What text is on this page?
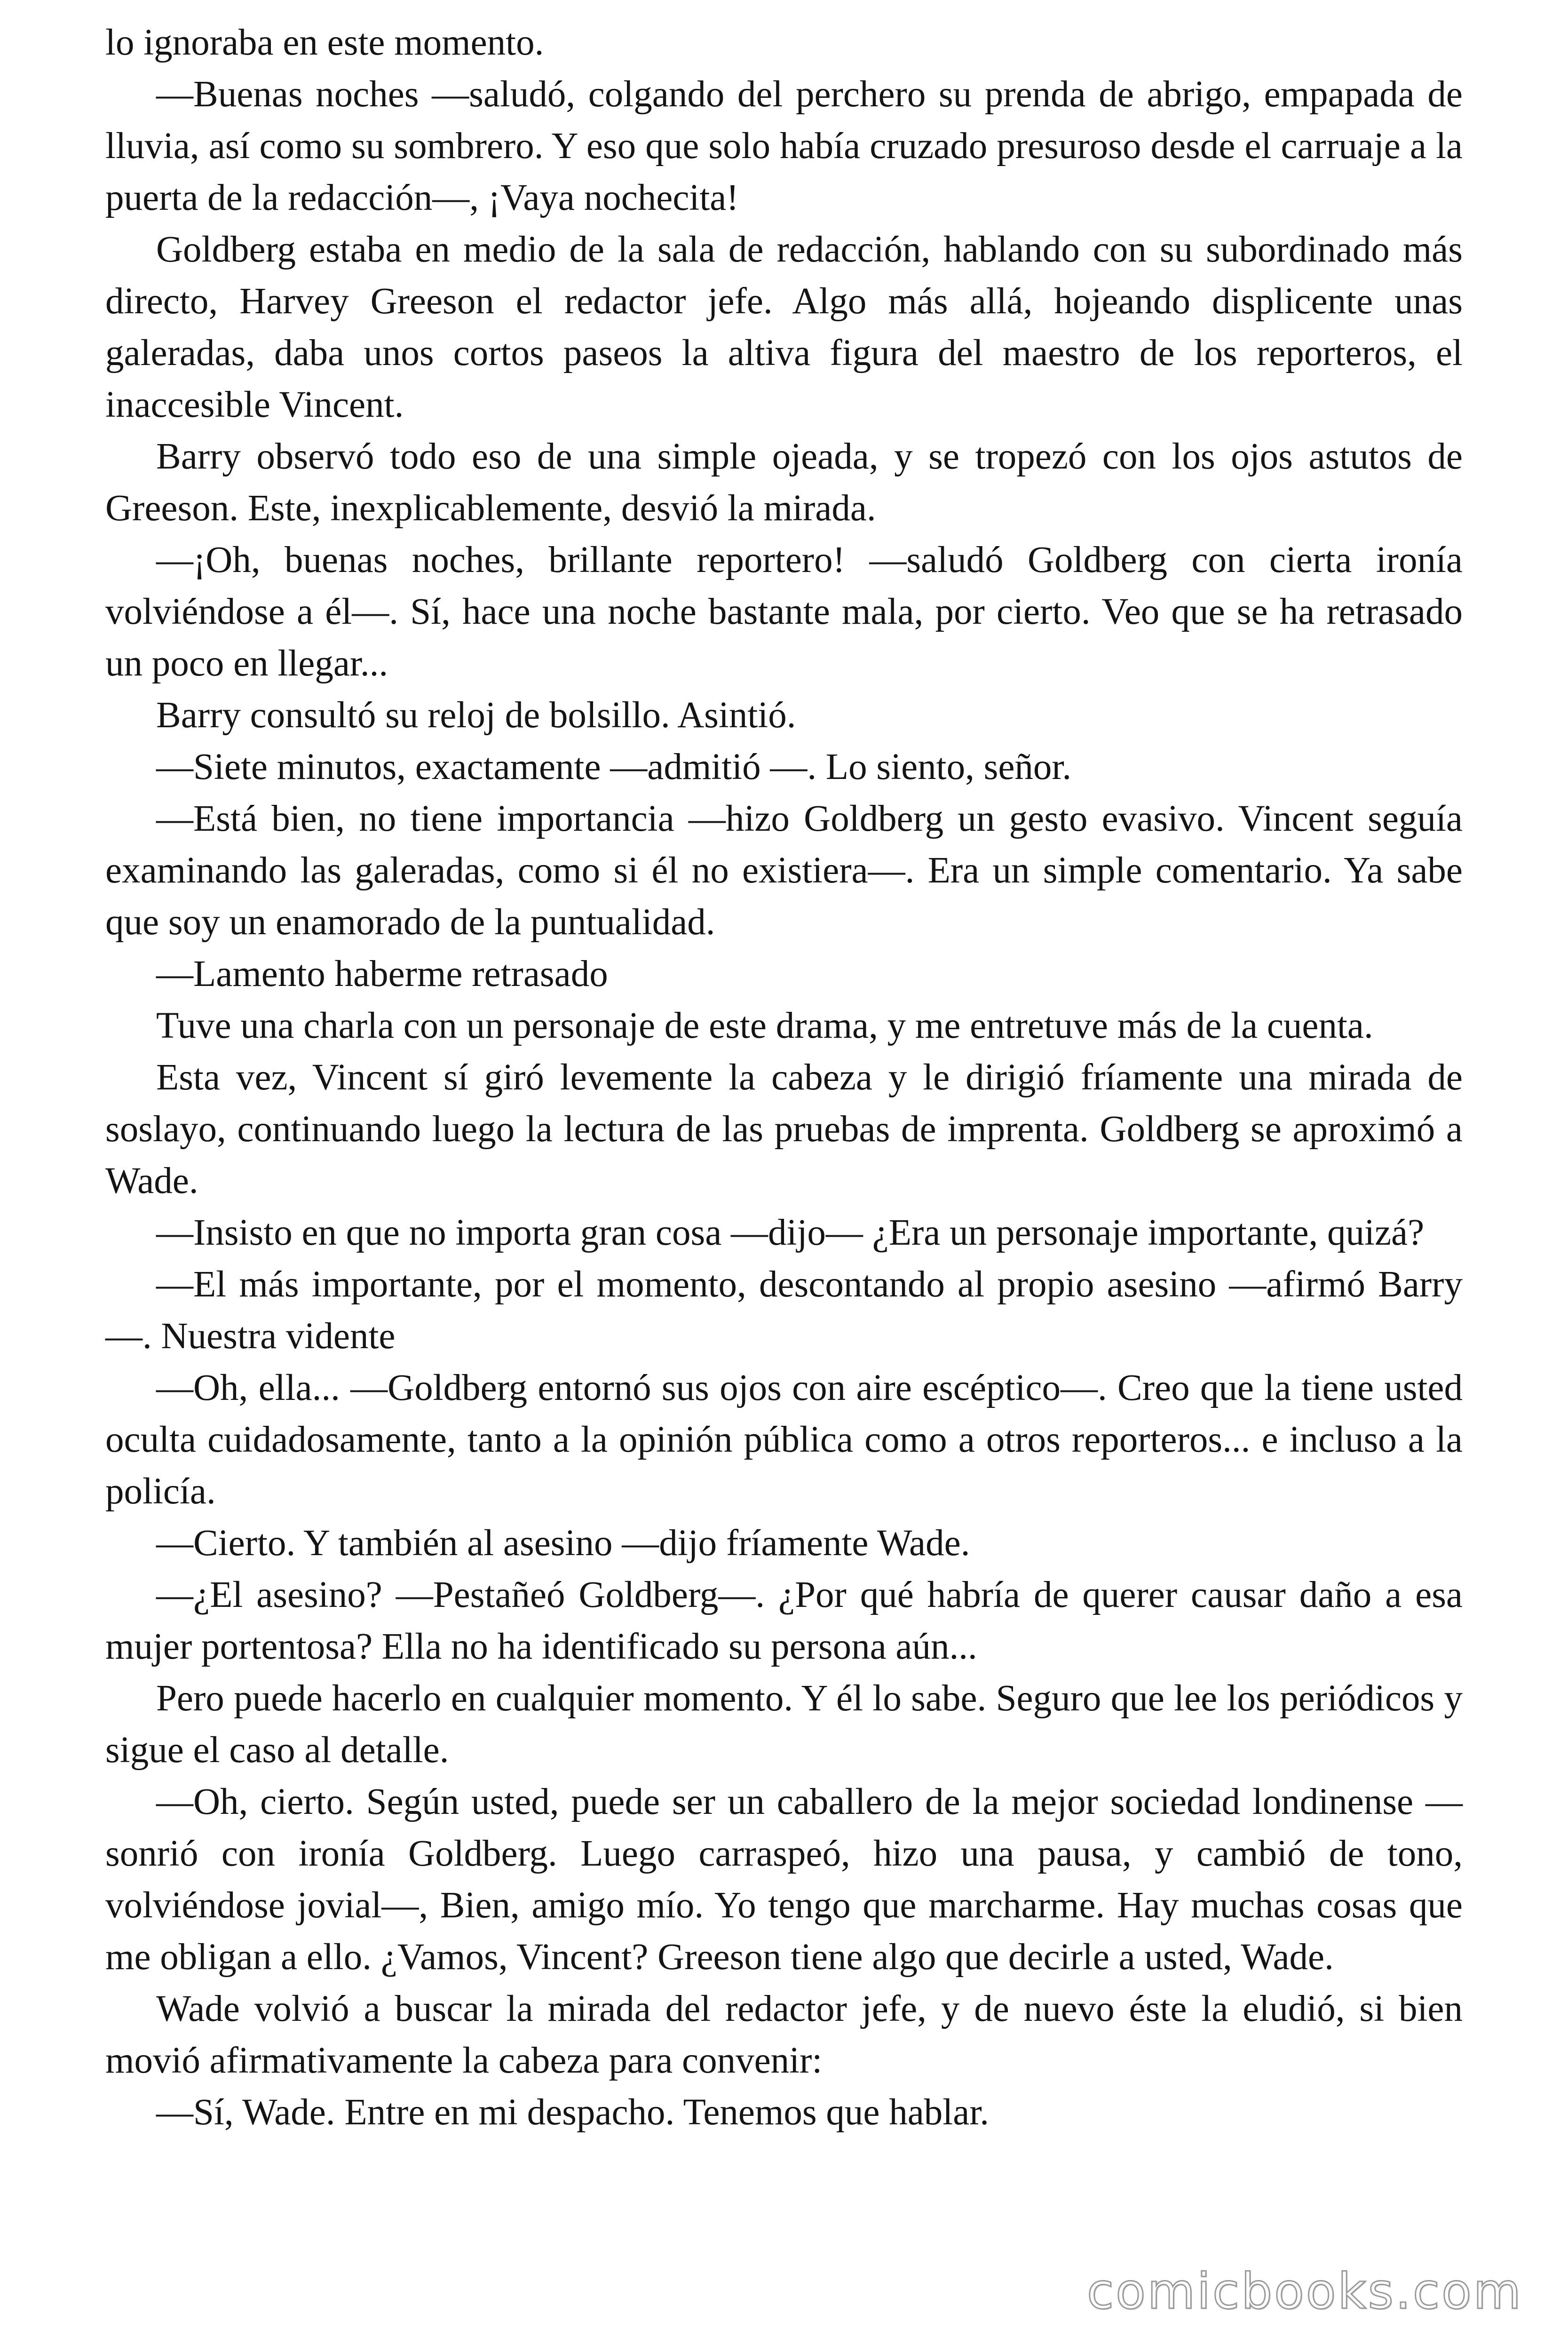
lo ignoraba en este momento.

—Buenas noches —saludó, colgando del perchero su prenda de abrigo, empapada de lluvia, así como su sombrero. Y eso que solo había cruzado presuroso desde el carruaje a la puerta de la redacción—, ¡Vaya nochecita!

Goldberg estaba en medio de la sala de redacción, hablando con su subordinado más directo, Harvey Greeson el redactor jefe. Algo más allá, hojeando displicente unas galeradas, daba unos cortos paseos la altiva figura del maestro de los reporteros, el inaccesible Vincent.

Barry observó todo eso de una simple ojeada, y se tropezó con los ojos astutos de Greeson. Este, inexplicablemente, desvió la mirada.

—¡Oh, buenas noches, brillante reportero! —saludó Goldberg con cierta ironía volviéndose a él—. Sí, hace una noche bastante mala, por cierto. Veo que se ha retrasado un poco en llegar...

Barry consultó su reloj de bolsillo. Asintió.

—Siete minutos, exactamente —admitió —. Lo siento, señor.

—Está bien, no tiene importancia —hizo Goldberg un gesto evasivo. Vincent seguía examinando las galeradas, como si él no existiera—. Era un simple comentario. Ya sabe que soy un enamorado de la puntualidad.

—Lamento haberme retrasado

Tuve una charla con un personaje de este drama, y me entretuve más de la cuenta.

Esta vez, Vincent sí giró levemente la cabeza y le dirigió fríamente una mirada de soslayo, continuando luego la lectura de las pruebas de imprenta. Goldberg se aproximó a Wade.

—Insisto en que no importa gran cosa —dijo— ¿Era un personaje importante, quizá?

—El más importante, por el momento, descontando al propio asesino —afirmó Barry—. Nuestra vidente

—Oh, ella... —Goldberg entornó sus ojos con aire escéptico—. Creo que la tiene usted oculta cuidadosamente, tanto a la opinión pública como a otros reporteros... e incluso a la policía.

—Cierto. Y también al asesino —dijo fríamente Wade.

—¿El asesino? —Pestañeó Goldberg—. ¿Por qué habría de querer causar daño a esa mujer portentosa? Ella no ha identificado su persona aún...

Pero puede hacerlo en cualquier momento. Y él lo sabe. Seguro que lee los periódicos y sigue el caso al detalle.

—Oh, cierto. Según usted, puede ser un caballero de la mejor sociedad londinense —sonrió con ironía Goldberg. Luego carraspeó, hizo una pausa, y cambió de tono, volviéndose jovial—, Bien, amigo mío. Yo tengo que marcharme. Hay muchas cosas que me obligan a ello. ¿Vamos, Vincent? Greeson tiene algo que decirle a usted, Wade.

Wade volvió a buscar la mirada del redactor jefe, y de nuevo éste la eludió, si bien movió afirmativamente la cabeza para convenir:

—Sí, Wade. Entre en mi despacho. Tenemos que hablar.

comicbooks.com
